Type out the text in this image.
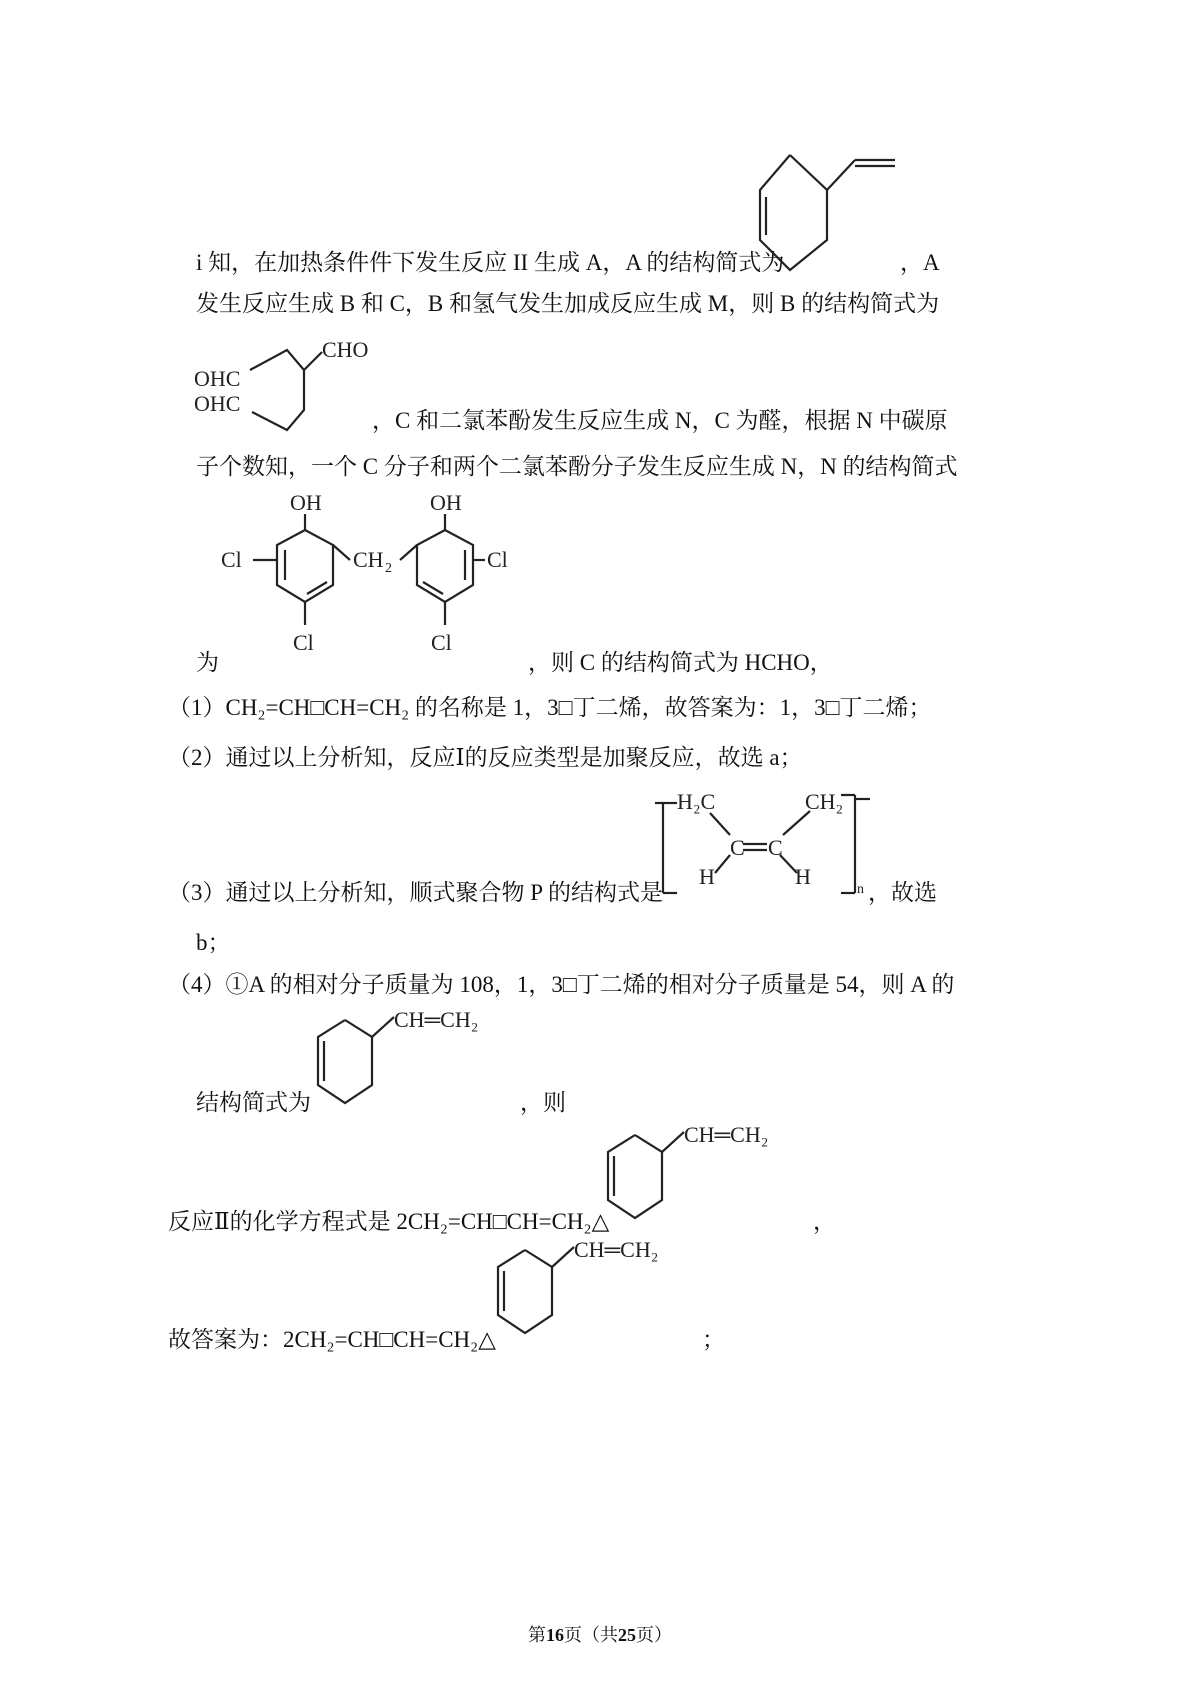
i 知，在加热条件件下发生反应 II 生成 A，A 的结构简式为	，A
发生反应生成 B 和 C，B 和氢气发生加成反应生成 M，则 B 的结构简式为
CHO
OHC
OHC
，C 和二氯苯酚发生反应生成 N，C 为醛，根据 N 中碳原
子个数知，一个 C 分子和两个二氯苯酚分子发生反应生成 N，N 的结构简式
OH	OH
Cl	Cl
Cl	Cl
CH 2
为	，则 C 的结构简式为 HCHO，
（1）CH₂=CH□CH=CH₂ 的名称是 1，3□丁二烯，故答案为：1，3□丁二烯；
（2）通过以上分析知，反应Ⅰ的反应类型是加聚反应，故选 a；
H₂C	CH₂
C C
H	H
n
（3）通过以上分析知，顺式聚合物 P 的结构式是	，故选
b；
（4）①A 的相对分子质量为 108，1，3□丁二烯的相对分子质量是 54，则 A 的
CH═CH₂
结构简式为	，则
CH═CH₂
反应Ⅱ的化学方程式是 2CH₂=CH□CH=CH₂△	，
CH═CH₂
故答案为：2CH₂=CH□CH=CH₂△	；
第16页（共25页）
